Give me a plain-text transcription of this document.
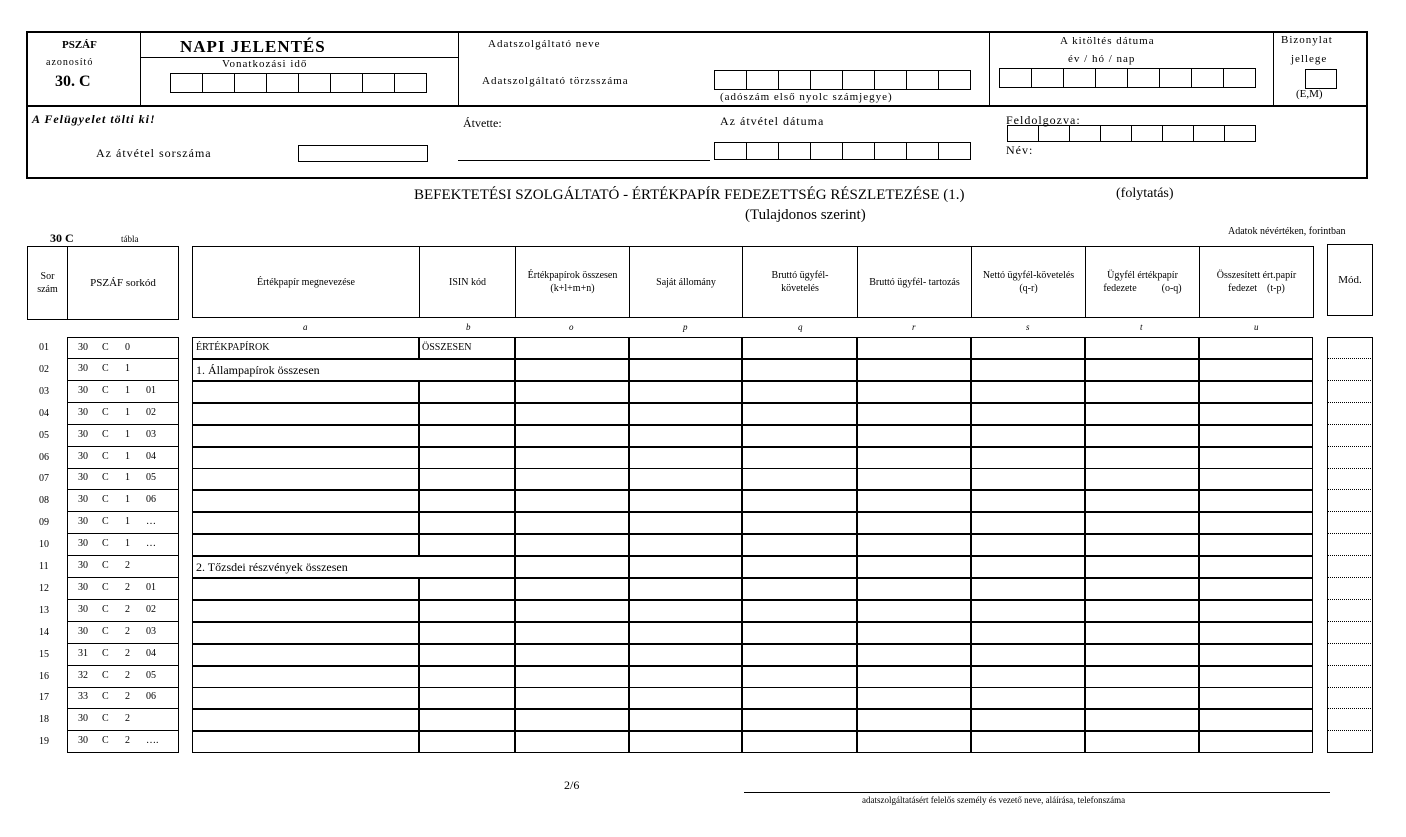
PSZÁF
azonosító
30. C
NAPI JELENTÉS
Vonatkozási idő
Adatszolgáltató neve
Adatszolgáltató törzsszáma
(adószám első nyolc számjegye)
A kitöltés dátuma
év / hó / nap
Bizonylat
jellege
(E,M)
A Felügyelet tölti ki!
Az átvétel sorszáma
Átvette:	Az átvétel dátuma	Feldolgozva:
Név:
BEFEKTETÉSI SZOLGÁLTATÓ - ÉRTÉKPAPÍR FEDEZETTSÉG RÉSZLETEZÉSE (1.)	(folytatás)
(Tulajdonos szerint)
Adatok névértéken, forintban
30 C	tábla
Sor
szám
PSZÁF sorkód	Értékpapír megnevezése	ISIN kód
Értékpapírok összesen
(k+l+m+n)
Saját állomány
Bruttó ügyfél-
követelés
Bruttó ügyfél- tartozás
Nettó ügyfél-követelés
(q-r)
Ügyfél értékpapír
fedezete          (o-q)
Összesített ért.papír
fedezet    (t-p)
Mód.
a	b	o	p	q	r	s	t	u
01	30 C 0	ÉRTÉKPAPÍROK	ÖSSZESEN
02	30 C 1	1. Állampapírok összesen
03	30 C 1 01
04	30 C 1 02
05	30 C 1 03
06	30 C 1 04
07	30 C 1 05
08	30 C 1 06
09	30 C 1 …
10	30 C 1 …
11	30 C 2	2. Tőzsdei részvények összesen
12	30 C 2 01
13	30 C 2 02
14	30 C 2 03
15	31 C 2 04
16	32 C 2 05
17	33 C 2 06
18	30 C 2
19	30 C 2 ….
2/6
adatszolgáltatásért felelős személy és vezető neve, aláírása, telefonszáma
